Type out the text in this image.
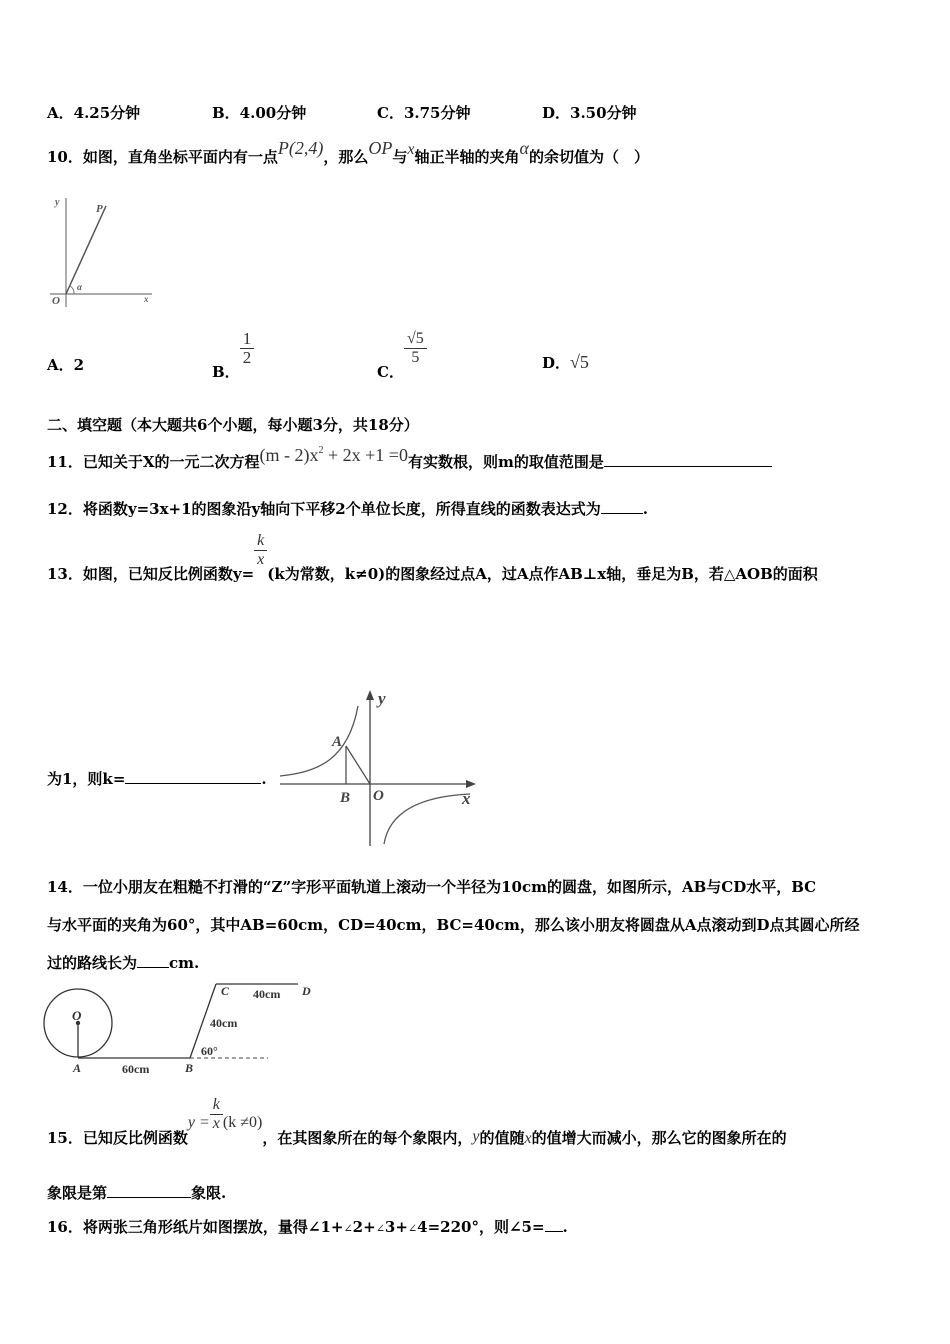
A．4.25分钟	B．4.00分钟	C．3.75分钟	D．3.50分钟
10．如图，直角坐标平面内有一点P(2,4)，那么OP与x轴正半轴的夹角α的余切值为（　）
y
P
O
α
x
A．2	B．
$\frac{1}{2}$
C．
$\frac{√5}{5}$	D．√5
二、填空题（本大题共6个小题，每小题3分，共18分）
11．已知关于X的一元二次方程$(m - 2)x^2 + 2x +1 =0$有实数根，则m的取值范围是
12．将函数y=3x+1的图象沿y轴向下平移2个单位长度，所得直线的函数表达式为	.
13．如图，已知反比例函数y=
$\frac{k}{x}$
(k为常数，k≠0)的图象经过点A，过A点作AB⊥x轴，垂足为B，若△AOB的面积
为1，则k=	.
y
A
B O	x
14．一位小朋友在粗糙不打滑的“Z”字形平面轨道上滚动一个半径为10cm的圆盘，如图所示，AB与CD水平，BC
与水平面的夹角为60°，其中AB=60cm，CD=40cm，BC=40cm，那么该小朋友将圆盘从A点滚动到D点其圆心所经
过的路线长为 cm.
O
A	B
C	D
60cm
40cm
40cm
60°
15．已知反比例函数$y = \frac{k}{x} (k \ne 0)$，在其图象所在的每个象限内，y的值随x的值增大而减小，那么它的图象所在的
象限是第	象限.
16．将两张三角形纸片如图摆放，量得∠1+∠2+∠3+∠4=220°，则∠5= .
